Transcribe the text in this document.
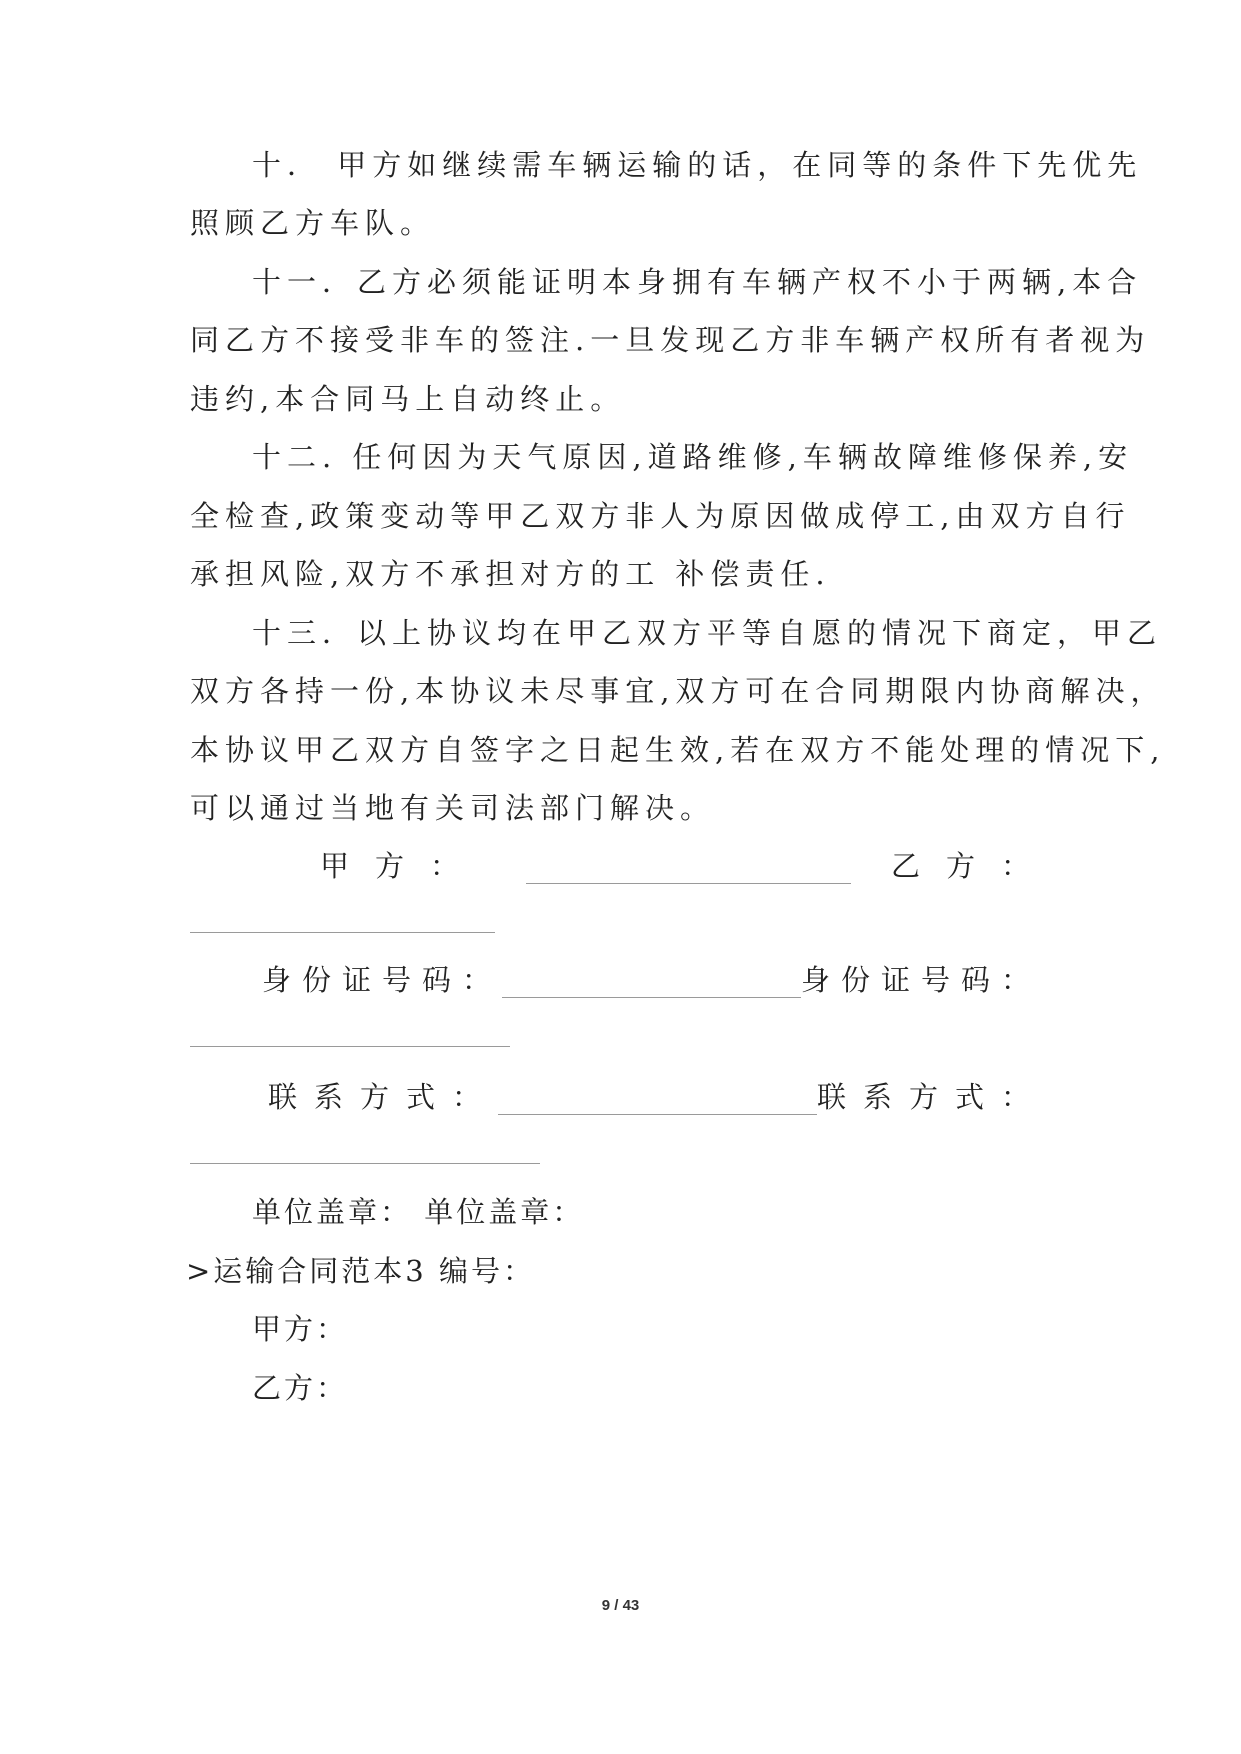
十． 甲方如继续需车辆运输的话，在同等的条件下先优先
照顾乙方车队。
十一．乙方必须能证明本身拥有车辆产权不小于两辆,本合
同乙方不接受非车的签注.一旦发现乙方非车辆产权所有者视为
违约,本合同马上自动终止。
十二. 任何因为天气原因,道路维修,车辆故障维修保养,安
全检查,政策变动等甲乙双方非人为原因做成停工,由双方自行
承担风险,双方不承担对方的工 补偿责任.
十三．以上协议均在甲乙双方平等自愿的情况下商定，甲乙
双方各持一份,本协议未尽事宜,双方可在合同期限内协商解决，
本协议甲乙双方自签字之日起生效,若在双方不能处理的情况下,
可以通过当地有关司法部门解决。
甲方：	乙方：
身份证号码：	身份证号码：
联系方式：	联系方式：
单位盖章： 单位盖章：
>运输合同范本3 编号：
甲方：
乙方：
9 / 43
